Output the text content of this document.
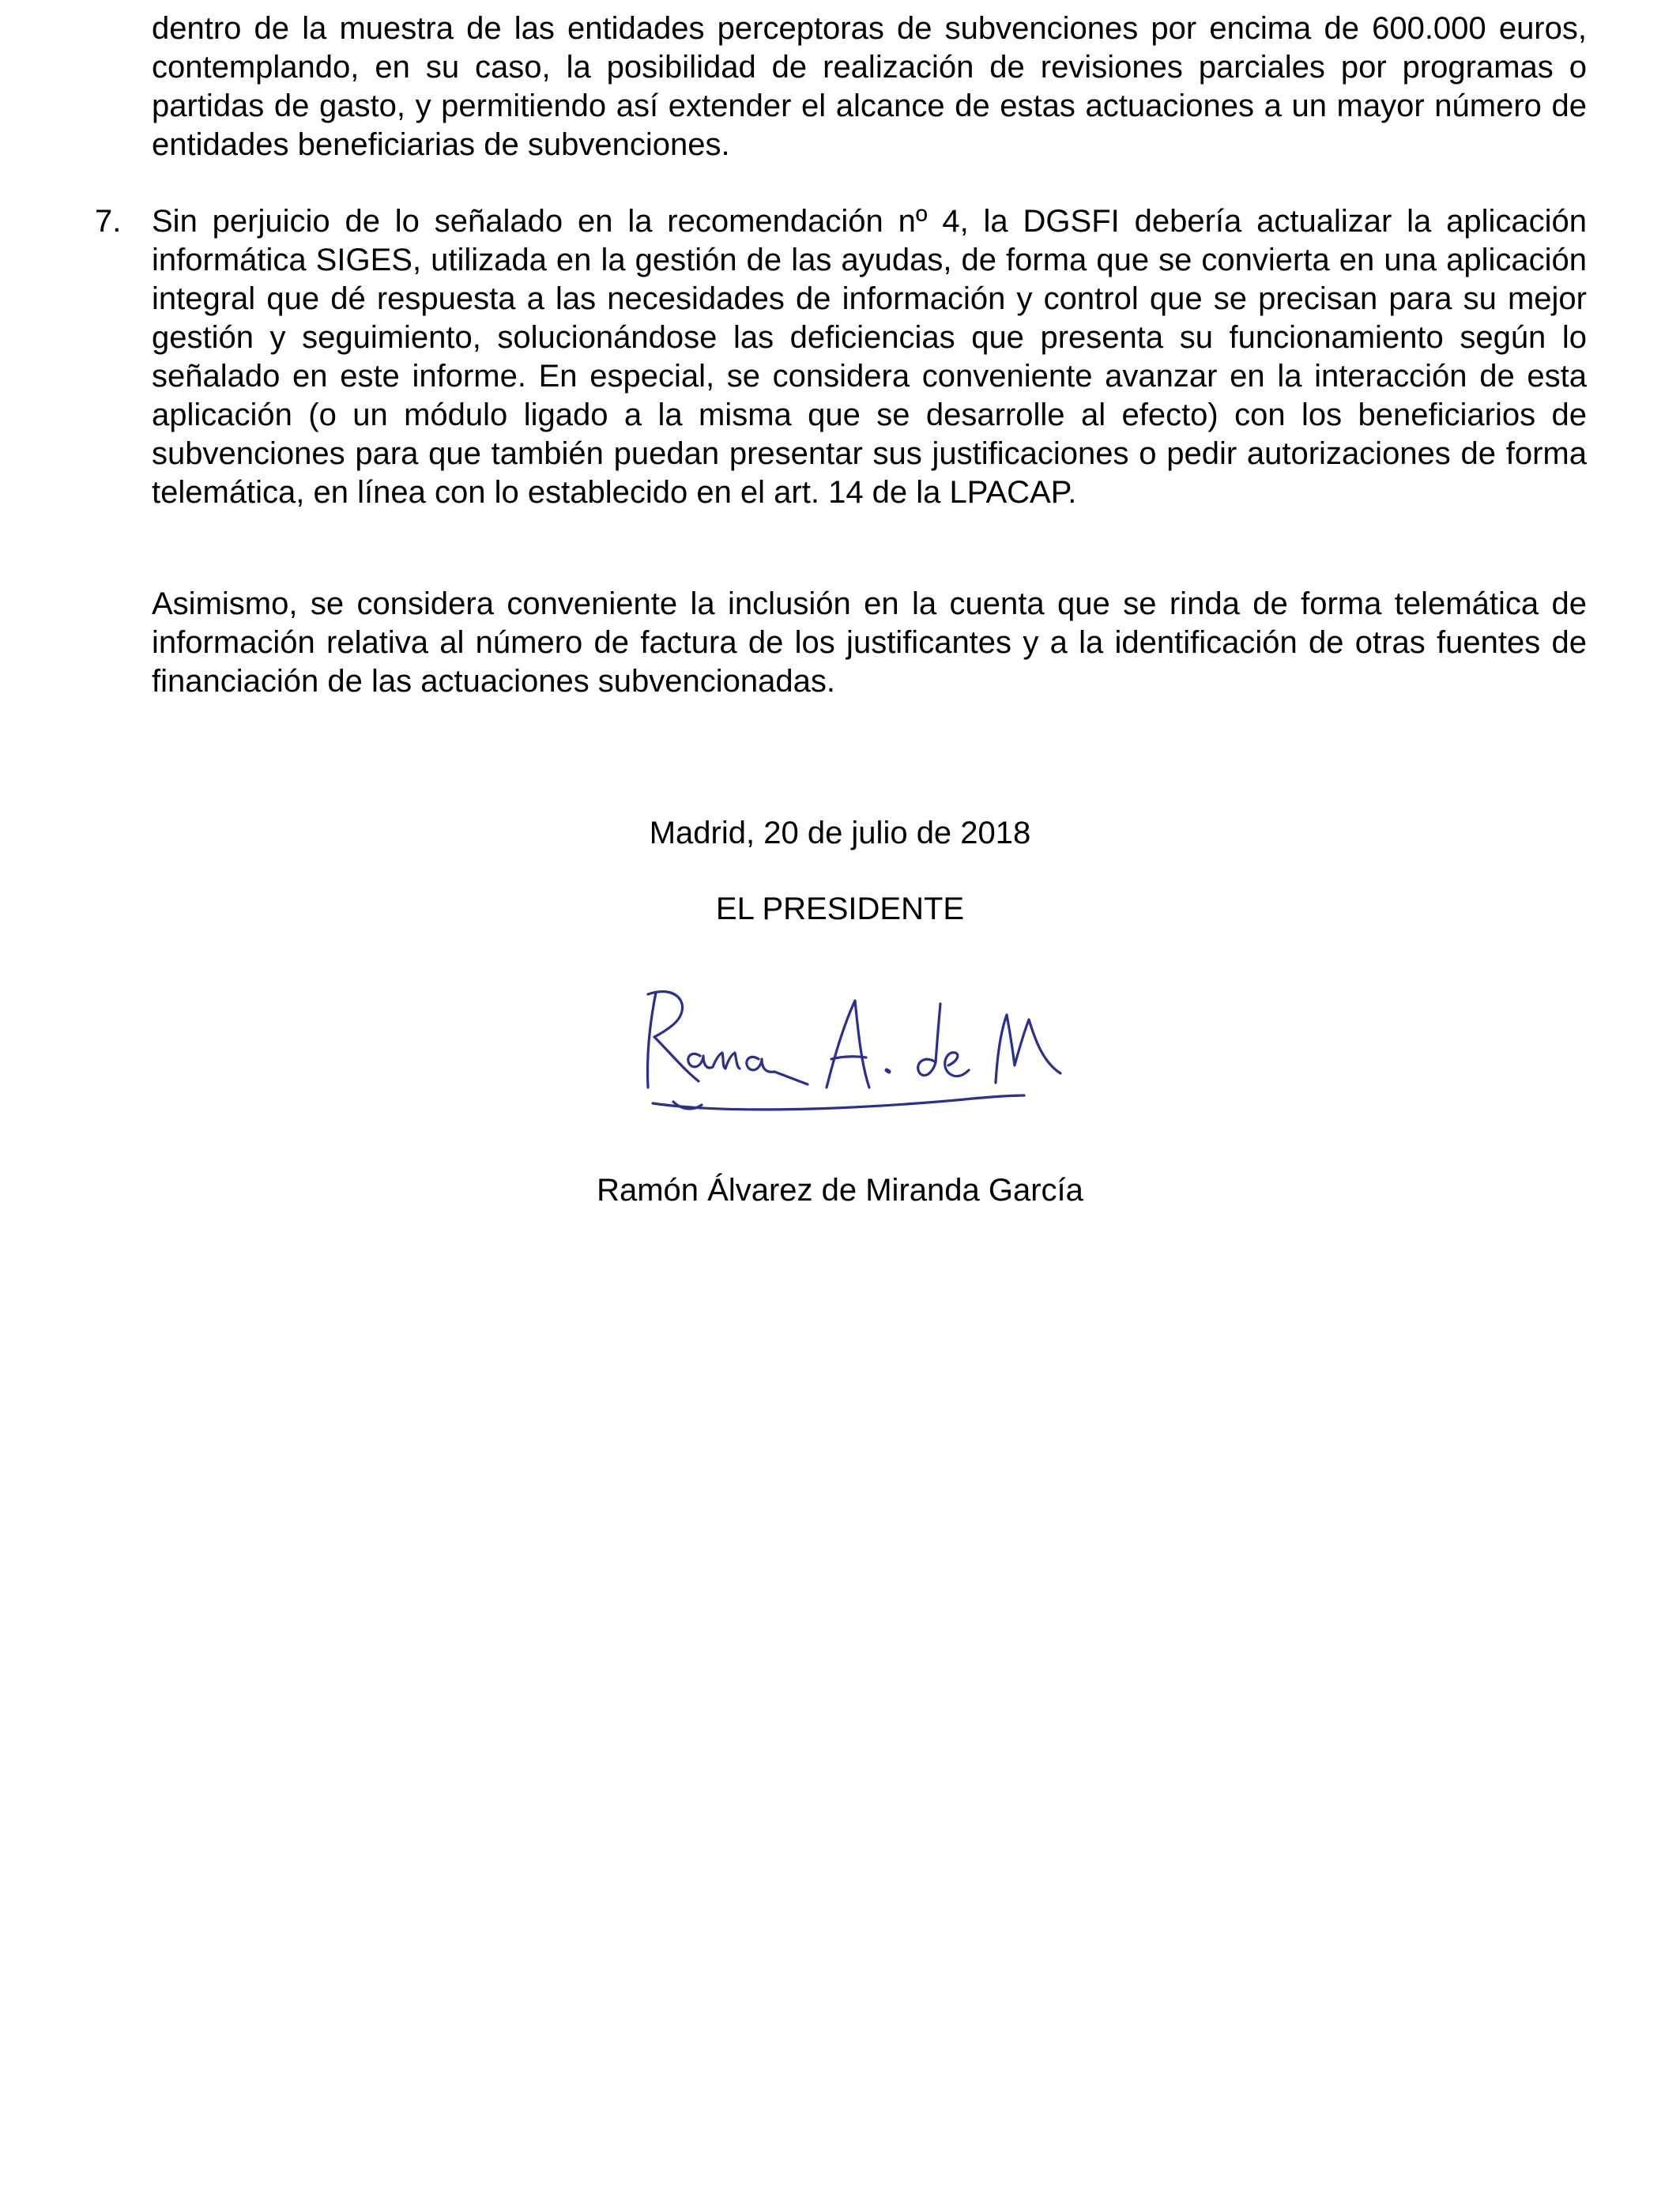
dentro de la muestra de las entidades perceptoras de subvenciones por encima de 600.000 euros, contemplando, en su caso, la posibilidad de realización de revisiones parciales por programas o partidas de gasto, y permitiendo así extender el alcance de estas actuaciones a un mayor número de entidades beneficiarias de subvenciones.

7. Sin perjuicio de lo señalado en la recomendación nº 4, la DGSFI debería actualizar la aplicación informática SIGES, utilizada en la gestión de las ayudas, de forma que se convierta en una aplicación integral que dé respuesta a las necesidades de información y control que se precisan para su mejor gestión y seguimiento, solucionándose las deficiencias que presenta su funcionamiento según lo señalado en este informe. En especial, se considera conveniente avanzar en la interacción de esta aplicación (o un módulo ligado a la misma que se desarrolle al efecto) con los beneficiarios de subvenciones para que también puedan presentar sus justificaciones o pedir autorizaciones de forma telemática, en línea con lo establecido en el art. 14 de la LPACAP.

Asimismo, se considera conveniente la inclusión en la cuenta que se rinda de forma telemática de información relativa al número de factura de los justificantes y a la identificación de otras fuentes de financiación de las actuaciones subvencionadas.

Madrid, 20 de julio de 2018
EL PRESIDENTE
Ramón Álvarez de Miranda García
